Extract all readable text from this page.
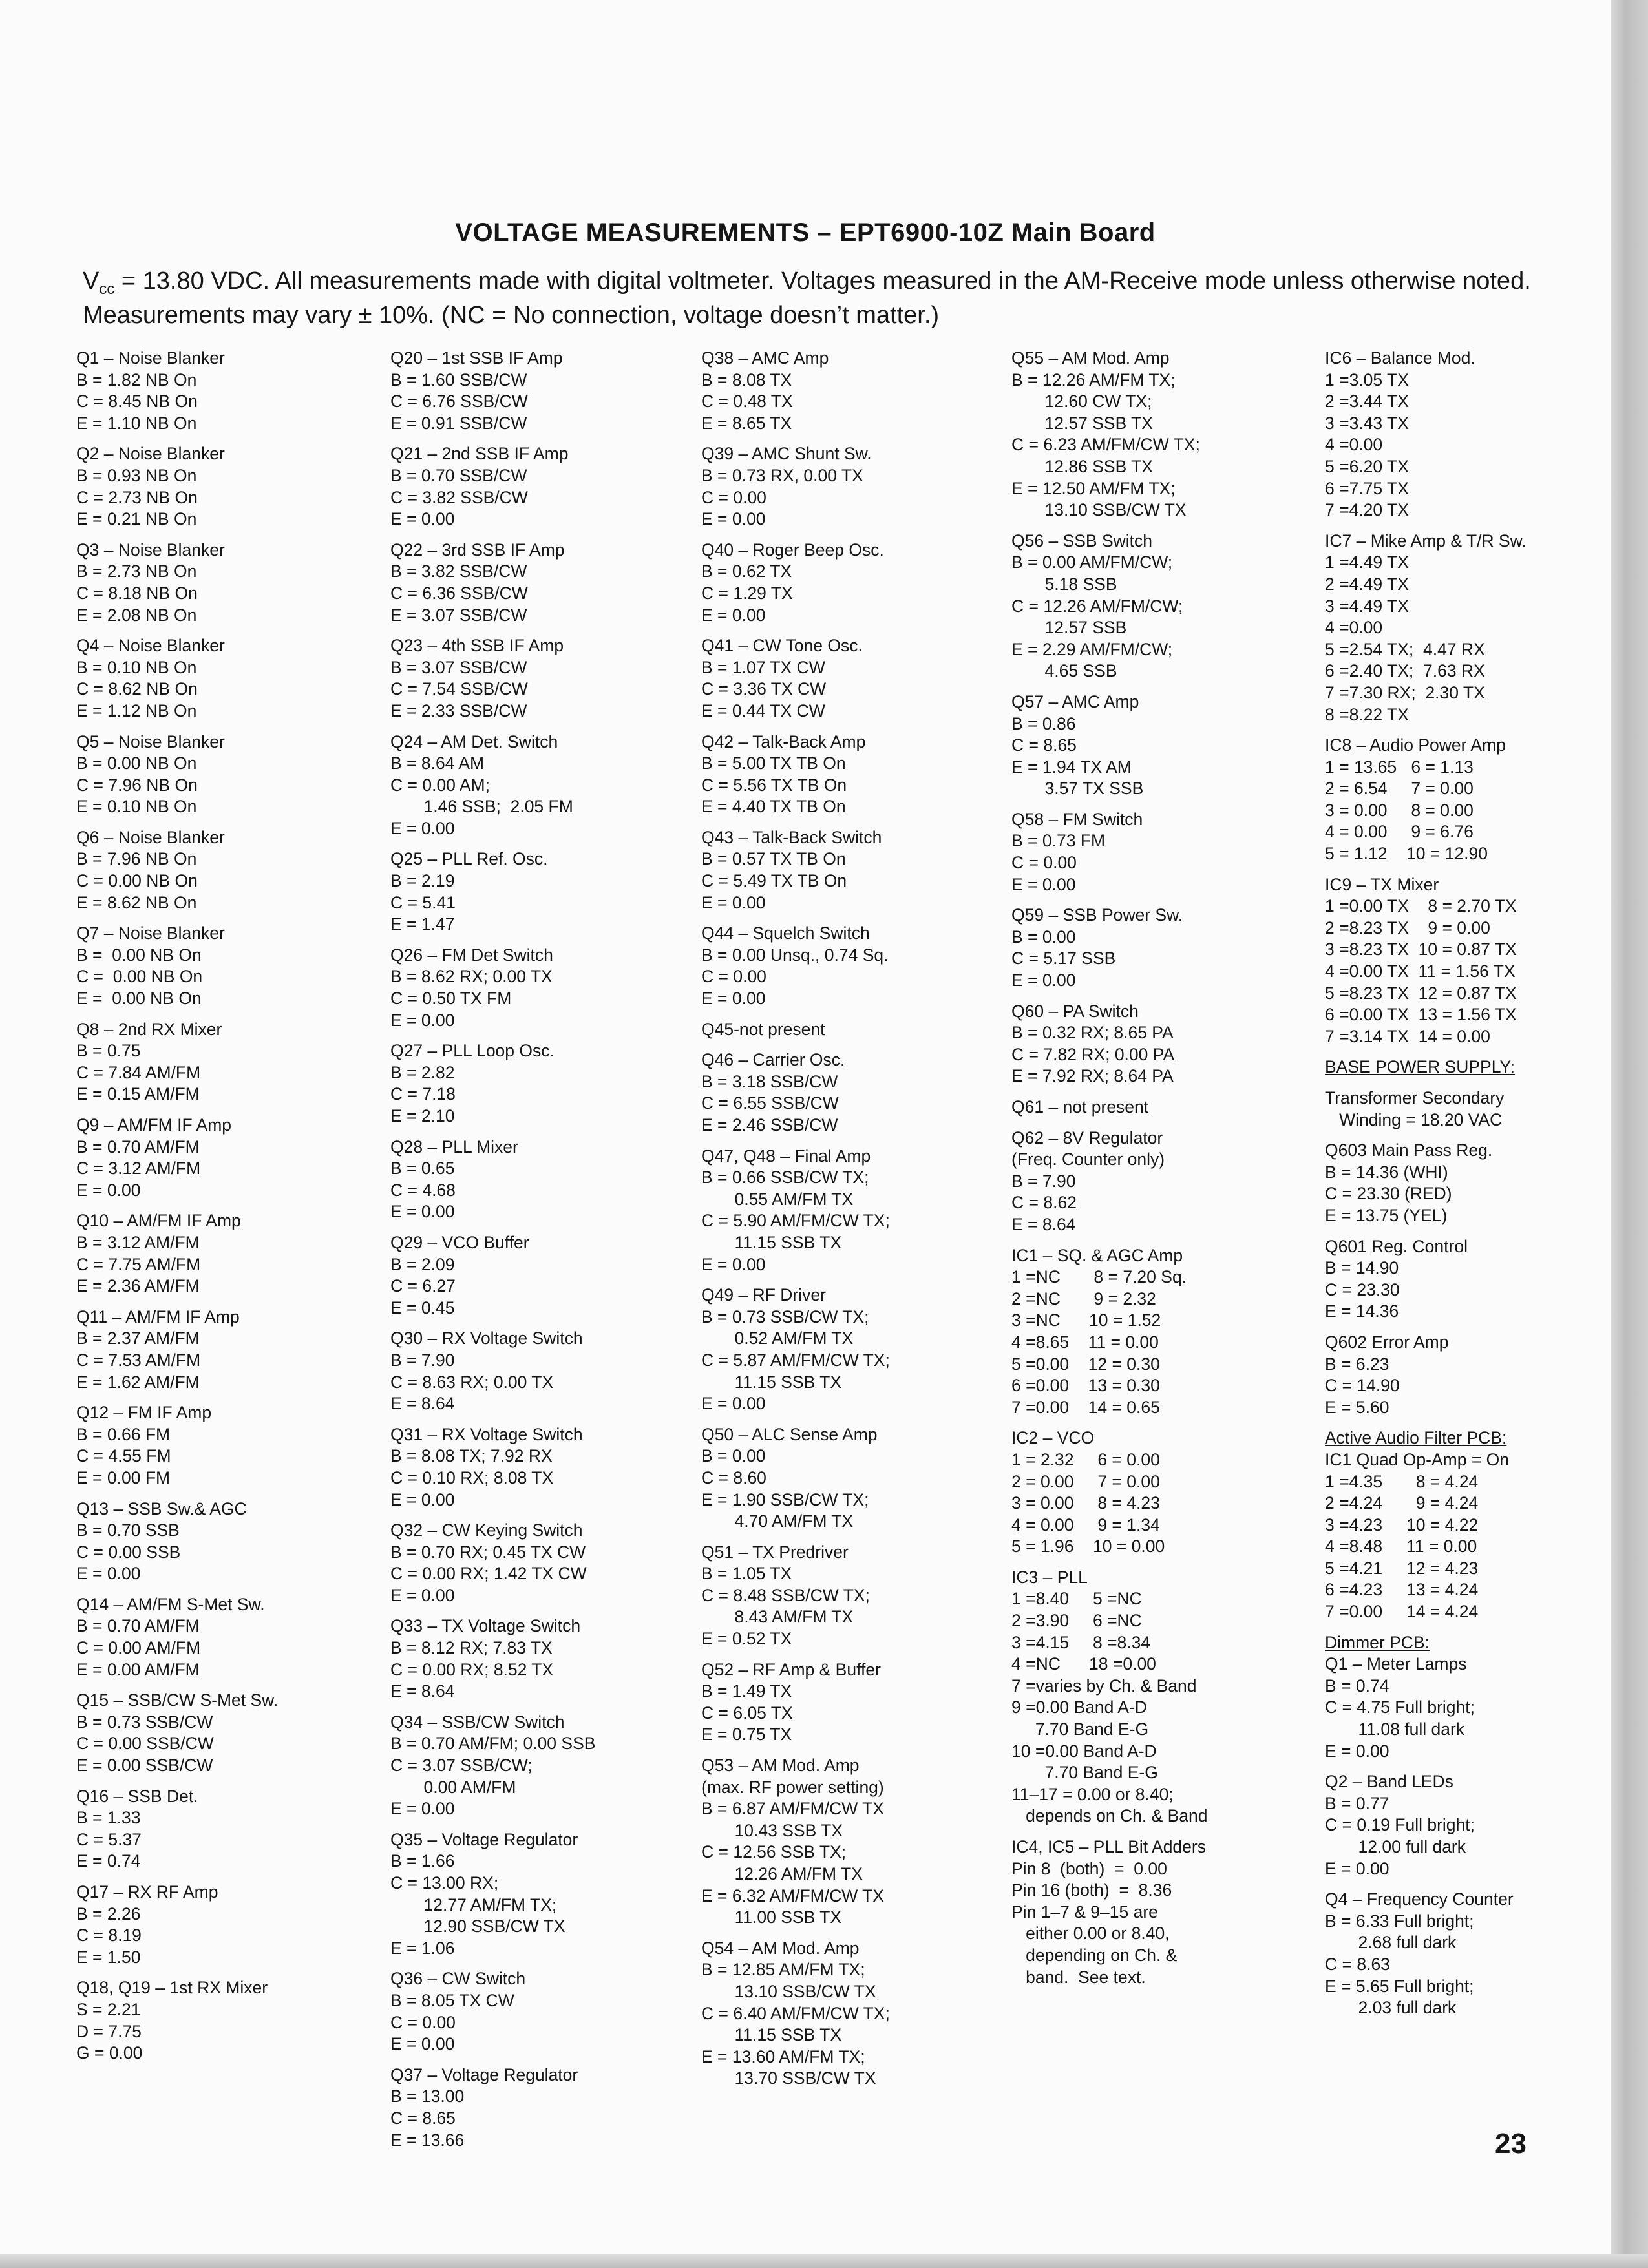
VOLTAGE MEASUREMENTS – EPT6900-10Z Main Board
$V_{cc} = 13.80$ VDC. All measurements made with digital voltmeter. Voltages measured in the AM-Receive mode unless otherwise noted. Measurements may vary ± 10%. (NC = No connection, voltage doesn’t matter.)
Q1 – Noise Blanker
B = 1.82 NB On
C = 8.45 NB On
E = 1.10 NB On
Q2 – Noise Blanker
B = 0.93 NB On
C = 2.73 NB On
E = 0.21 NB On
Q3 – Noise Blanker
B = 2.73 NB On
C = 8.18 NB On
E = 2.08 NB On
Q4 – Noise Blanker
B = 0.10 NB On
C = 8.62 NB On
E = 1.12 NB On
Q5 – Noise Blanker
B = 0.00 NB On
C = 7.96 NB On
E = 0.10 NB On
Q6 – Noise Blanker
B = 7.96 NB On
C = 0.00 NB On
E = 8.62 NB On
Q7 – Noise Blanker
B =  0.00 NB On
C =  0.00 NB On
E =  0.00 NB On
Q8 – 2nd RX Mixer
B = 0.75
C = 7.84 AM/FM
E = 0.15 AM/FM
Q9 – AM/FM IF Amp
B = 0.70 AM/FM
C = 3.12 AM/FM
E = 0.00
Q10 – AM/FM IF Amp
B = 3.12 AM/FM
C = 7.75 AM/FM
E = 2.36 AM/FM
Q11 – AM/FM IF Amp
B = 2.37 AM/FM
C = 7.53 AM/FM
E = 1.62 AM/FM
Q12 – FM IF Amp
B = 0.66 FM
C = 4.55 FM
E = 0.00 FM
Q13 – SSB Sw.& AGC
B = 0.70 SSB
C = 0.00 SSB
E = 0.00
Q14 – AM/FM S-Met Sw.
B = 0.70 AM/FM
C = 0.00 AM/FM
E = 0.00 AM/FM
Q15 – SSB/CW S-Met Sw.
B = 0.73 SSB/CW
C = 0.00 SSB/CW
E = 0.00 SSB/CW
Q16 – SSB Det.
B = 1.33
C = 5.37
E = 0.74
Q17 – RX RF Amp
B = 2.26
C = 8.19
E = 1.50
Q18, Q19 – 1st RX Mixer
S = 2.21
D = 7.75
G = 0.00
Q20 – 1st SSB IF Amp
B = 1.60 SSB/CW
C = 6.76 SSB/CW
E = 0.91 SSB/CW
Q21 – 2nd SSB IF Amp
B = 0.70 SSB/CW
C = 3.82 SSB/CW
E = 0.00
Q22 – 3rd SSB IF Amp
B = 3.82 SSB/CW
C = 6.36 SSB/CW
E = 3.07 SSB/CW
Q23 – 4th SSB IF Amp
B = 3.07 SSB/CW
C = 7.54 SSB/CW
E = 2.33 SSB/CW
Q24 – AM Det. Switch
B = 8.64 AM
C = 0.00 AM;
1.46 SSB;  2.05 FM
E = 0.00
Q25 – PLL Ref. Osc.
B = 2.19
C = 5.41
E = 1.47
Q26 – FM Det Switch
B = 8.62 RX; 0.00 TX
C = 0.50 TX FM
E = 0.00
Q27 – PLL Loop Osc.
B = 2.82
C = 7.18
E = 2.10
Q28 – PLL Mixer
B = 0.65
C = 4.68
E = 0.00
Q29 – VCO Buffer
B = 2.09
C = 6.27
E = 0.45
Q30 – RX Voltage Switch
B = 7.90
C = 8.63 RX; 0.00 TX
E = 8.64
Q31 – RX Voltage Switch
B = 8.08 TX; 7.92 RX
C = 0.10 RX; 8.08 TX
E = 0.00
Q32 – CW Keying Switch
B = 0.70 RX; 0.45 TX CW
C = 0.00 RX; 1.42 TX CW
E = 0.00
Q33 – TX Voltage Switch
B = 8.12 RX; 7.83 TX
C = 0.00 RX; 8.52 TX
E = 8.64
Q34 – SSB/CW Switch
B = 0.70 AM/FM; 0.00 SSB
C = 3.07 SSB/CW;
0.00 AM/FM
E = 0.00
Q35 – Voltage Regulator
B = 1.66
C = 13.00 RX;
12.77 AM/FM TX;
12.90 SSB/CW TX
E = 1.06
Q36 – CW Switch
B = 8.05 TX CW
C = 0.00
E = 0.00
Q37 – Voltage Regulator
B = 13.00
C = 8.65
E = 13.66
Q38 – AMC Amp
B = 8.08 TX
C = 0.48 TX
E = 8.65 TX
Q39 – AMC Shunt Sw.
B = 0.73 RX, 0.00 TX
C = 0.00
E = 0.00
Q40 – Roger Beep Osc.
B = 0.62 TX
C = 1.29 TX
E = 0.00
Q41 – CW Tone Osc.
B = 1.07 TX CW
C = 3.36 TX CW
E = 0.44 TX CW
Q42 – Talk-Back Amp
B = 5.00 TX TB On
C = 5.56 TX TB On
E = 4.40 TX TB On
Q43 – Talk-Back Switch
B = 0.57 TX TB On
C = 5.49 TX TB On
E = 0.00
Q44 – Squelch Switch
B = 0.00 Unsq., 0.74 Sq.
C = 0.00
E = 0.00
Q45-not present
Q46 – Carrier Osc.
B = 3.18 SSB/CW
C = 6.55 SSB/CW
E = 2.46 SSB/CW
Q47, Q48 – Final Amp
B = 0.66 SSB/CW TX;
0.55 AM/FM TX
C = 5.90 AM/FM/CW TX;
11.15 SSB TX
E = 0.00
Q49 – RF Driver
B = 0.73 SSB/CW TX;
0.52 AM/FM TX
C = 5.87 AM/FM/CW TX;
11.15 SSB TX
E = 0.00
Q50 – ALC Sense Amp
B = 0.00
C = 8.60
E = 1.90 SSB/CW TX;
4.70 AM/FM TX
Q51 – TX Predriver
B = 1.05 TX
C = 8.48 SSB/CW TX;
8.43 AM/FM TX
E = 0.52 TX
Q52 – RF Amp & Buffer
B = 1.49 TX
C = 6.05 TX
E = 0.75 TX
Q53 – AM Mod. Amp
(max. RF power setting)
B = 6.87 AM/FM/CW TX
10.43 SSB TX
C = 12.56 SSB TX;
12.26 AM/FM TX
E = 6.32 AM/FM/CW TX
11.00 SSB TX
Q54 – AM Mod. Amp
B = 12.85 AM/FM TX;
13.10 SSB/CW TX
C = 6.40 AM/FM/CW TX;
11.15 SSB TX
E = 13.60 AM/FM TX;
13.70 SSB/CW TX
Q55 – AM Mod. Amp
B = 12.26 AM/FM TX;
12.60 CW TX;
12.57 SSB TX
C = 6.23 AM/FM/CW TX;
12.86 SSB TX
E = 12.50 AM/FM TX;
13.10 SSB/CW TX
Q56 – SSB Switch
B = 0.00 AM/FM/CW;
5.18 SSB
C = 12.26 AM/FM/CW;
12.57 SSB
E = 2.29 AM/FM/CW;
4.65 SSB
Q57 – AMC Amp
B = 0.86
C = 8.65
E = 1.94 TX AM
3.57 TX SSB
Q58 – FM Switch
B = 0.73 FM
C = 0.00
E = 0.00
Q59 – SSB Power Sw.
B = 0.00
C = 5.17 SSB
E = 0.00
Q60 – PA Switch
B = 0.32 RX; 8.65 PA
C = 7.82 RX; 0.00 PA
E = 7.92 RX; 8.64 PA
Q61 – not present
Q62 – 8V Regulator
(Freq. Counter only)
B = 7.90
C = 8.62
E = 8.64
IC1 – SQ. & AGC Amp
1 =NC       8 = 7.20 Sq.
2 =NC       9 = 2.32
3 =NC      10 = 1.52
4 =8.65    11 = 0.00
5 =0.00    12 = 0.30
6 =0.00    13 = 0.30
7 =0.00    14 = 0.65
IC2 – VCO
1 = 2.32     6 = 0.00
2 = 0.00     7 = 0.00
3 = 0.00     8 = 4.23
4 = 0.00     9 = 1.34
5 = 1.96    10 = 0.00
IC3 – PLL
1 =8.40     5 =NC
2 =3.90     6 =NC
3 =4.15     8 =8.34
4 =NC      18 =0.00
7 =varies by Ch. & Band
9 =0.00 Band A-D
7.70 Band E-G
10 =0.00 Band A-D
7.70 Band E-G
11–17 = 0.00 or 8.40;
depends on Ch. & Band
IC4, IC5 – PLL Bit Adders
Pin 8  (both)  =  0.00
Pin 16 (both)  =  8.36
Pin 1–7 & 9–15 are
either 0.00 or 8.40,
depending on Ch. &
band.  See text.
IC6 – Balance Mod.
1 =3.05 TX
2 =3.44 TX
3 =3.43 TX
4 =0.00
5 =6.20 TX
6 =7.75 TX
7 =4.20 TX
IC7 – Mike Amp & T/R Sw.
1 =4.49 TX
2 =4.49 TX
3 =4.49 TX
4 =0.00
5 =2.54 TX;  4.47 RX
6 =2.40 TX;  7.63 RX
7 =7.30 RX;  2.30 TX
8 =8.22 TX
IC8 – Audio Power Amp
1 = 13.65   6 = 1.13
2 = 6.54     7 = 0.00
3 = 0.00     8 = 0.00
4 = 0.00     9 = 6.76
5 = 1.12    10 = 12.90
IC9 – TX Mixer
1 =0.00 TX    8 = 2.70 TX
2 =8.23 TX    9 = 0.00
3 =8.23 TX  10 = 0.87 TX
4 =0.00 TX  11 = 1.56 TX
5 =8.23 TX  12 = 0.87 TX
6 =0.00 TX  13 = 1.56 TX
7 =3.14 TX  14 = 0.00
BASE POWER SUPPLY:
Transformer Secondary
Winding = 18.20 VAC
Q603 Main Pass Reg.
B = 14.36 (WHI)
C = 23.30 (RED)
E = 13.75 (YEL)
Q601 Reg. Control
B = 14.90
C = 23.30
E = 14.36
Q602 Error Amp
B = 6.23
C = 14.90
E = 5.60
Active Audio Filter PCB:
IC1 Quad Op-Amp = On
1 =4.35       8 = 4.24
2 =4.24       9 = 4.24
3 =4.23     10 = 4.22
4 =8.48     11 = 0.00
5 =4.21     12 = 4.23
6 =4.23     13 = 4.24
7 =0.00     14 = 4.24
Dimmer PCB:
Q1 – Meter Lamps
B = 0.74
C = 4.75 Full bright;
11.08 full dark
E = 0.00
Q2 – Band LEDs
B = 0.77
C = 0.19 Full bright;
12.00 full dark
E = 0.00
Q4 – Frequency Counter
B = 6.33 Full bright;
2.68 full dark
C = 8.63
E = 5.65 Full bright;
2.03 full dark
23
